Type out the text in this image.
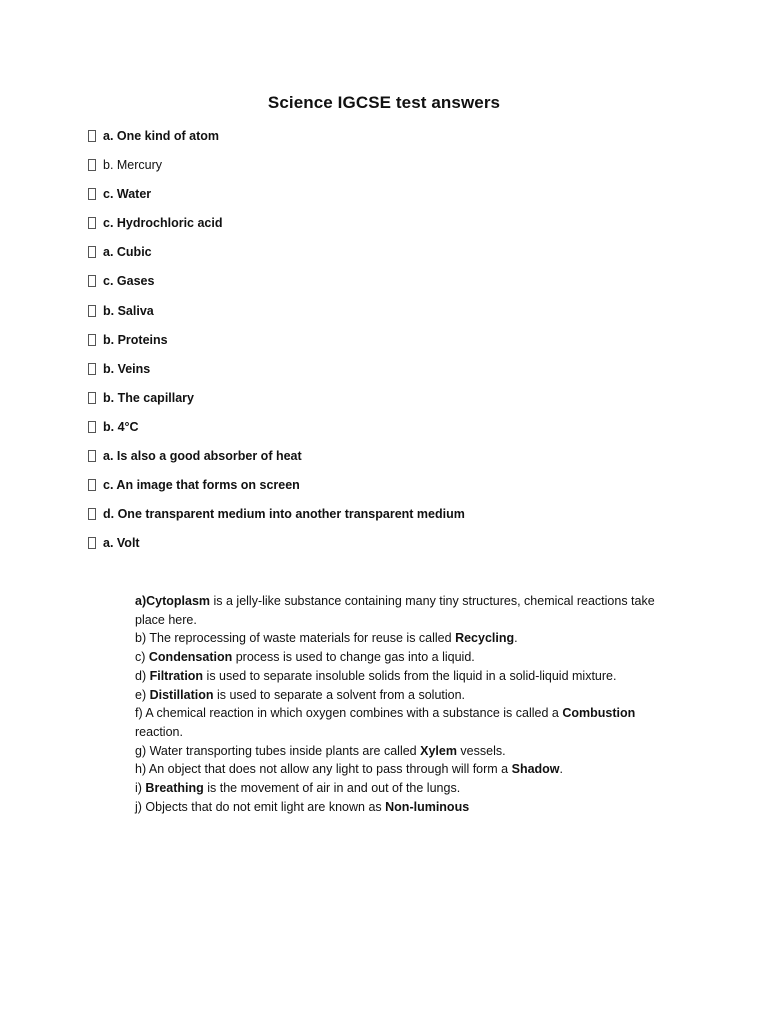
Science IGCSE test answers
a. One kind of atom
b. Mercury
c. Water
c. Hydrochloric acid
a. Cubic
c. Gases
b. Saliva
b. Proteins
b. Veins
b. The capillary
b. 4°C
a. Is also a good absorber of heat
c. An image that forms on screen
d. One transparent medium into another transparent medium
a. Volt

a)Cytoplasm is a jelly-like substance containing many tiny structures, chemical reactions take place here.

b) The reprocessing of waste materials for reuse is called Recycling.

c) Condensation process is used to change gas into a liquid.

d) Filtration is used to separate insoluble solids from the liquid in a solid-liquid mixture.

e) Distillation is used to separate a solvent from a solution.

f) A chemical reaction in which oxygen combines with a substance is called a Combustion reaction.

g) Water transporting tubes inside plants are called Xylem vessels.

h) An object that does not allow any light to pass through will form a Shadow.

i) Breathing is the movement of air in and out of the lungs.

j) Objects that do not emit light are known as Non-luminous
